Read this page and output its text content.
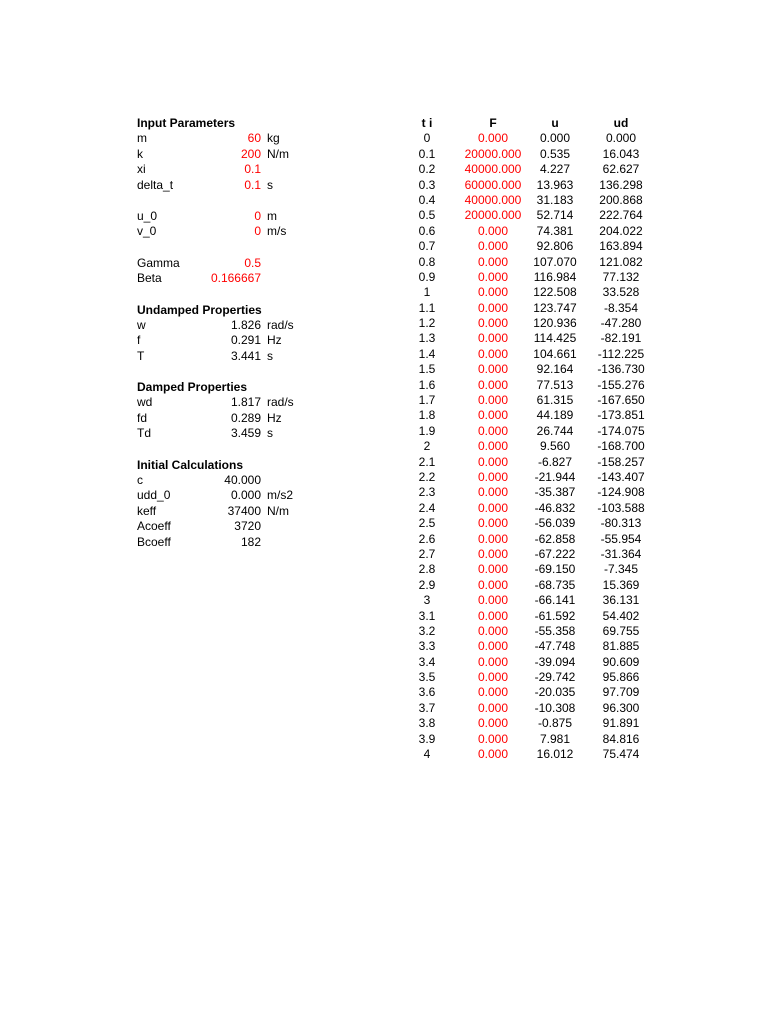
Input Parameters
m	60 kg
k	200 N/m
xi	0.1
delta_t	0.1 s
u_0	0 m
v_0	0 m/s
Gamma	0.5
Beta	0.166667
Undamped Properties
w	1.826 rad/s
f	0.291 Hz
T	3.441 s
Damped Properties
wd	1.817 rad/s
fd	0.289 Hz
Td	3.459 s
Initial Calculations
c	40.000
udd_0	0.000 m/s2
keff	37400 N/m
Acoeff	3720
Bcoeff	182
t i	F	u	ud
0	0.000	0.000	0.000
0.1	20000.000	0.535	16.043
0.2	40000.000	4.227	62.627
0.3	60000.000	13.963	136.298
0.4	40000.000	31.183	200.868
0.5	20000.000	52.714	222.764
0.6	0.000	74.381	204.022
0.7	0.000	92.806	163.894
0.8	0.000	107.070	121.082
0.9	0.000	116.984	77.132
1	0.000	122.508	33.528
1.1	0.000	123.747	-8.354
1.2	0.000	120.936	-47.280
1.3	0.000	114.425	-82.191
1.4	0.000	104.661	-112.225
1.5	0.000	92.164	-136.730
1.6	0.000	77.513	-155.276
1.7	0.000	61.315	-167.650
1.8	0.000	44.189	-173.851
1.9	0.000	26.744	-174.075
2	0.000	9.560	-168.700
2.1	0.000	-6.827	-158.257
2.2	0.000	-21.944	-143.407
2.3	0.000	-35.387	-124.908
2.4	0.000	-46.832	-103.588
2.5	0.000	-56.039	-80.313
2.6	0.000	-62.858	-55.954
2.7	0.000	-67.222	-31.364
2.8	0.000	-69.150	-7.345
2.9	0.000	-68.735	15.369
3	0.000	-66.141	36.131
3.1	0.000	-61.592	54.402
3.2	0.000	-55.358	69.755
3.3	0.000	-47.748	81.885
3.4	0.000	-39.094	90.609
3.5	0.000	-29.742	95.866
3.6	0.000	-20.035	97.709
3.7	0.000	-10.308	96.300
3.8	0.000	-0.875	91.891
3.9	0.000	7.981	84.816
4	0.000	16.012	75.474
